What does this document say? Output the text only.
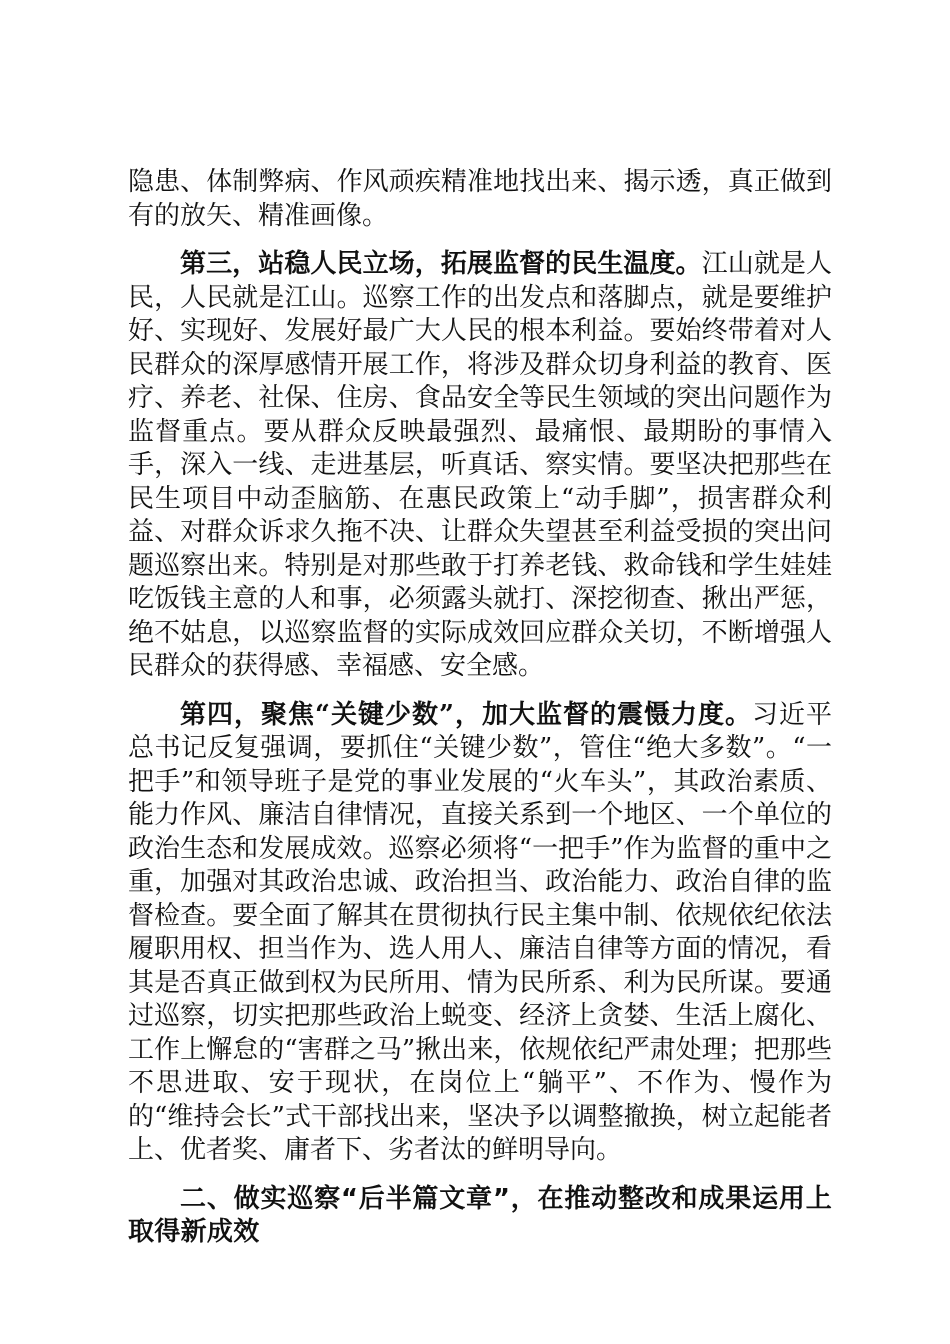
隐患、体制弊病、作风顽疾精准地找出来、揭示透，真正做到有的放矢、精准画像。

第三，站稳人民立场，拓展监督的民生温度。江山就是人民，人民就是江山。巡察工作的出发点和落脚点，就是要维护好、实现好、发展好最广大人民的根本利益。要始终带着对人民群众的深厚感情开展工作，将涉及群众切身利益的教育、医疗、养老、社保、住房、食品安全等民生领域的突出问题作为监督重点。要从群众反映最强烈、最痛恨、最期盼的事情入手，深入一线、走进基层，听真话、察实情。要坚决把那些在民生项目中动歪脑筋、在惠民政策上“动手脚”，损害群众利益、对群众诉求久拖不决、让群众失望甚至利益受损的突出问题巡察出来。特别是对那些敢于打养老钱、救命钱和学生娃娃吃饭钱主意的人和事，必须露头就打、深挖彻查、揪出严惩，绝不姑息，以巡察监督的实际成效回应群众关切，不断增强人民群众的获得感、幸福感、安全感。

第四，聚焦“关键少数”，加大监督的震慑力度。习近平总书记反复强调，要抓住“关键少数”，管住“绝大多数”。“一把手”和领导班子是党的事业发展的“火车头”，其政治素质、能力作风、廉洁自律情况，直接关系到一个地区、一个单位的政治生态和发展成效。巡察必须将“一把手”作为监督的重中之重，加强对其政治忠诚、政治担当、政治能力、政治自律的监督检查。要全面了解其在贯彻执行民主集中制、依规依纪依法履职用权、担当作为、选人用人、廉洁自律等方面的情况，看其是否真正做到权为民所用、情为民所系、利为民所谋。要通过巡察，切实把那些政治上蜕变、经济上贪婪、生活上腐化、工作上懈怠的“害群之马”揪出来，依规依纪严肃处理；把那些不思进取、安于现状，在岗位上“躺平”、不作为、慢作为的“维持会长”式干部找出来，坚决予以调整撤换，树立起能者上、优者奖、庸者下、劣者汰的鲜明导向。

二、做实巡察“后半篇文章”，在推动整改和成果运用上取得新成效
